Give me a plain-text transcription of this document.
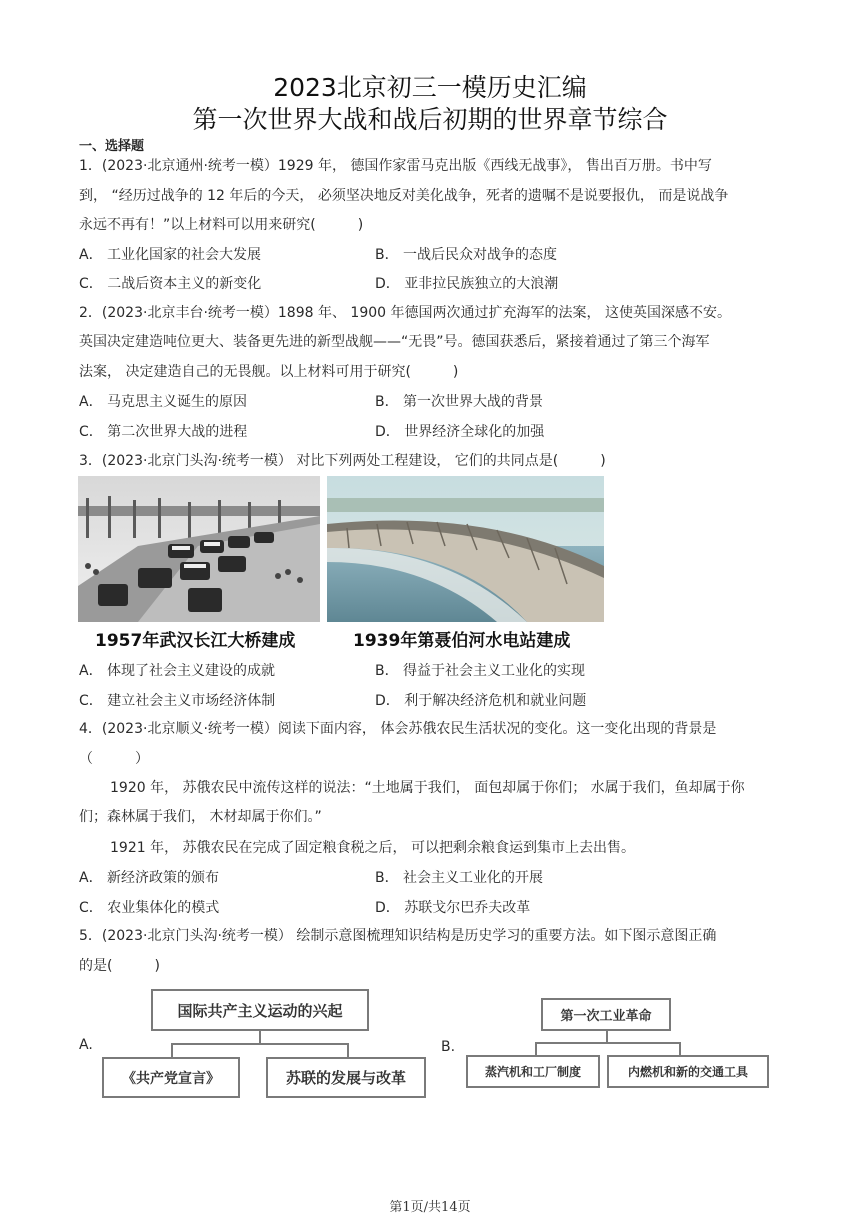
2023北京初三一模历史汇编
第一次世界大战和战后初期的世界章节综合
一、选择题
1．(2023·北京通州·统考一模）1929 年， 德国作家雷马克出版《西线无战事》， 售出百万册。书中写
到， “经历过战争的 12 年后的今天， 必须坚决地反对美化战争，死者的遗嘱不是说要报仇， 而是说战争
永远不再有！”以上材料可以用来研究(　　　)
A． 工业化国家的社会大发展	B． 一战后民众对战争的态度
C． 二战后资本主义的新变化	D． 亚非拉民族独立的大浪潮
2．(2023·北京丰台·统考一模）1898 年、 1900 年德国两次通过扩充海军的法案， 这使英国深感不安。
英国决定建造吨位更大、装备更先进的新型战舰——“无畏”号。德国获悉后，紧接着通过了第三个海军
法案， 决定建造自己的无畏舰。以上材料可用于研究(　　　)
A． 马克思主义诞生的原因	B． 第一次世界大战的背景
C． 第二次世界大战的进程	D． 世界经济全球化的加强
3．(2023·北京门头沟·统考一模） 对比下列两处工程建设， 它们的共同点是(　　　)
1957年武汉长江大桥建成	1939年第聂伯河水电站建成
A． 体现了社会主义建设的成就	B． 得益于社会主义工业化的实现
C． 建立社会主义市场经济体制	D． 利于解决经济危机和就业问题
4．(2023·北京顺义·统考一模）阅读下面内容， 体会苏俄农民生活状况的变化。这一变化出现的背景是
（　　　）
1920 年， 苏俄农民中流传这样的说法：“土地属于我们， 面包却属于你们； 水属于我们，鱼却属于你
们；森林属于我们， 木材却属于你们。”
1921 年， 苏俄农民在完成了固定粮食税之后， 可以把剩余粮食运到集市上去出售。
A． 新经济政策的颁布	B． 社会主义工业化的开展
C． 农业集体化的模式	D． 苏联戈尔巴乔夫改革
5．(2023·北京门头沟·统考一模） 绘制示意图梳理知识结构是历史学习的重要方法。如下图示意图正确
的是(　　　)
A.
国际共产主义运动的兴起
《共产党宣言》	苏联的发展与改革
B.
第一次工业革命
蒸汽机和工厂制度	内燃机和新的交通工具
第1页/共14页
